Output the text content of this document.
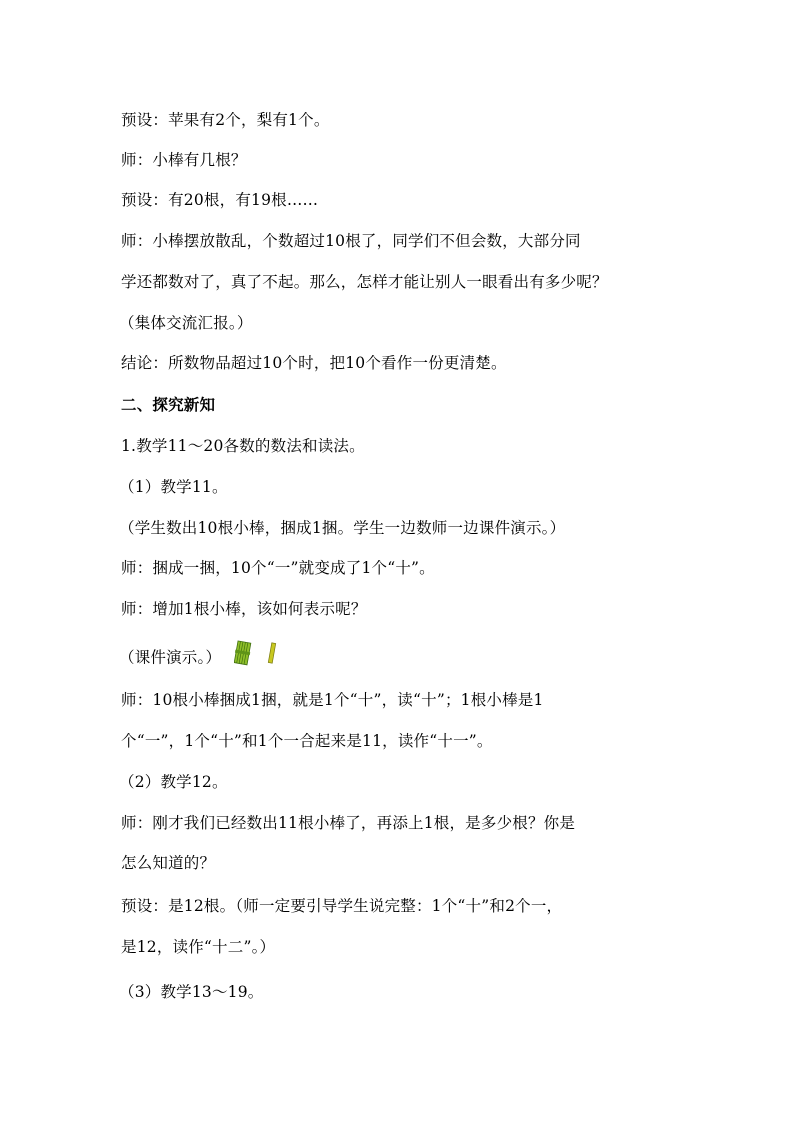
预设：苹果有2个，梨有1个。
师：小棒有几根？
预设：有20根，有19根……
师：小棒摆放散乱，个数超过10根了，同学们不但会数，大部分同
学还都数对了，真了不起。那么，怎样才能让别人一眼看出有多少呢？
（集体交流汇报。）
结论：所数物品超过10个时，把10个看作一份更清楚。
二、探究新知
1.教学11～20各数的数法和读法。
（1）教学11。
（学生数出10根小棒，捆成1捆。学生一边数师一边课件演示。）
师：捆成一捆，10个“一”就变成了1个“十”。
师：增加1根小棒，该如何表示呢？
（课件演示。）
师：10根小棒捆成1捆，就是1个“十”，读“十”；1根小棒是1
个“一”，1个“十”和1个一合起来是11，读作“十一”。
（2）教学12。
师：刚才我们已经数出11根小棒了，再添上1根，是多少根？你是
怎么知道的？
预设：是12根。（师一定要引导学生说完整：1个“十”和2个一，
是12，读作“十二”。）
（3）教学13～19。
